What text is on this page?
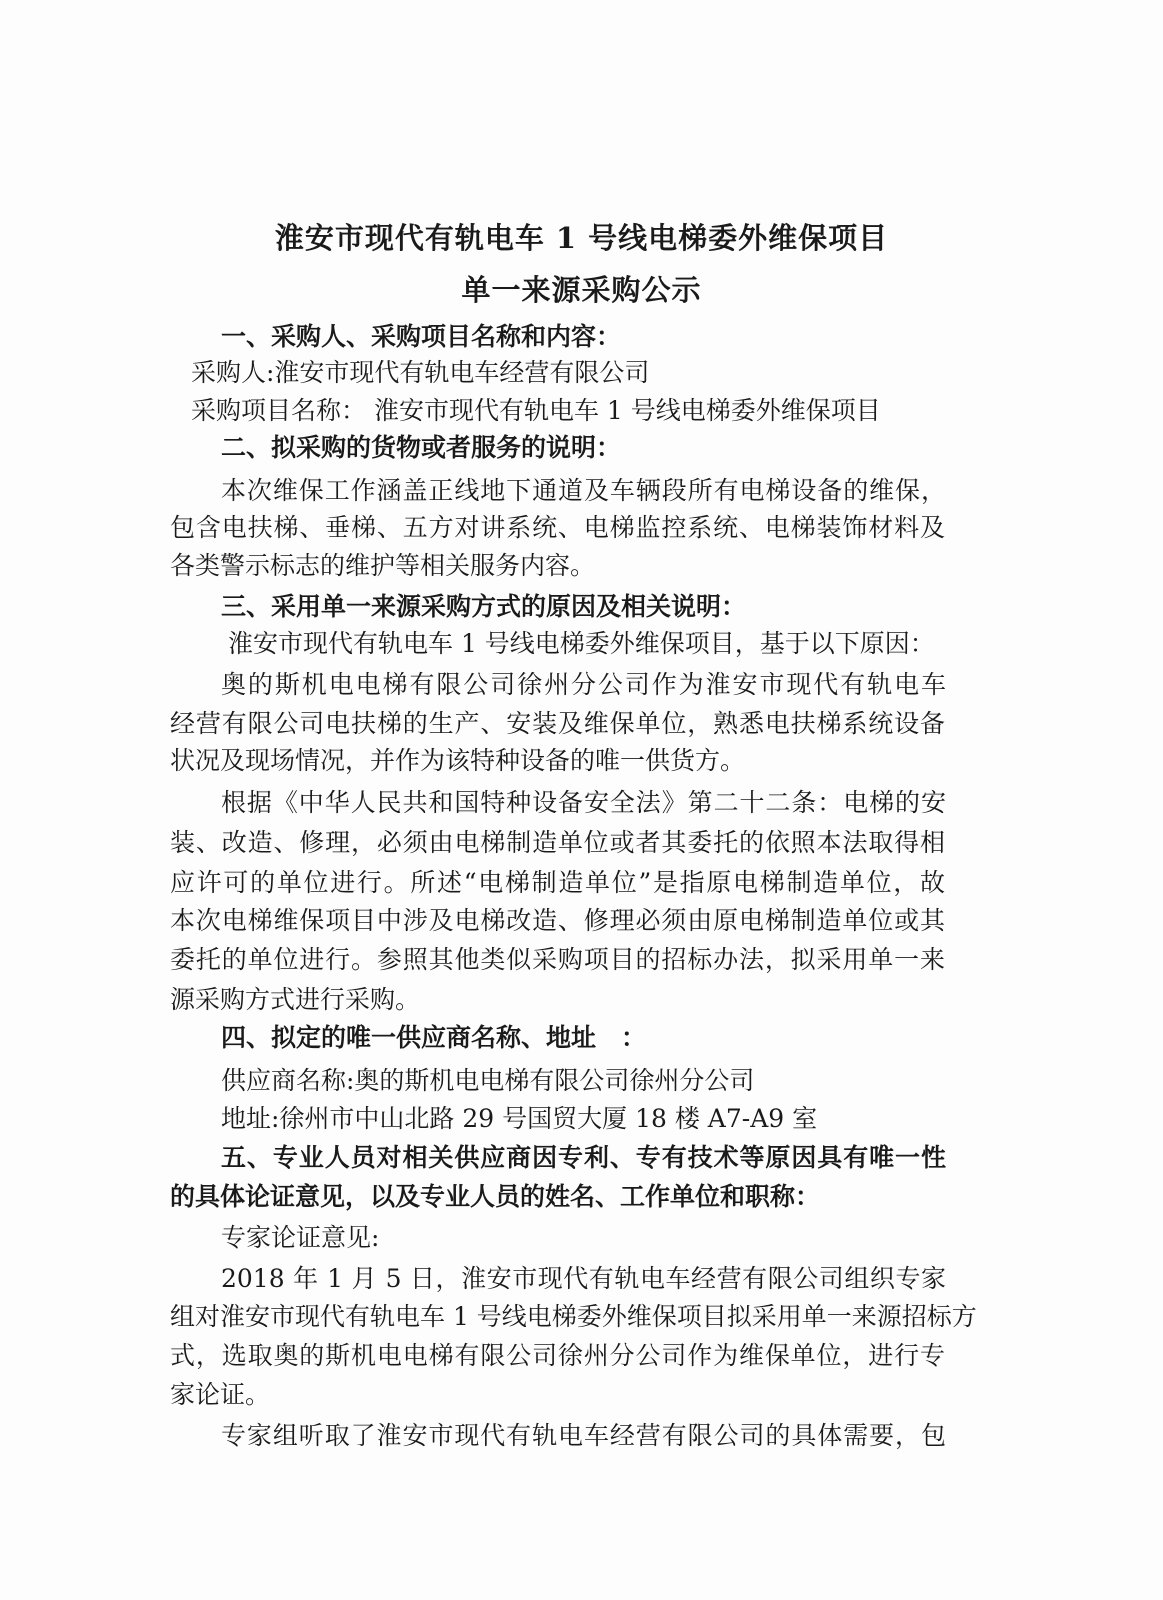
淮安市现代有轨电车 1 号线电梯委外维保项目
单一来源采购公示
一、采购人、采购项目名称和内容：
采购人:淮安市现代有轨电车经营有限公司
采购项目名称： 淮安市现代有轨电车 1 号线电梯委外维保项目
二、拟采购的货物或者服务的说明：
本次维保工作涵盖正线地下通道及车辆段所有电梯设备的维保，
包含电扶梯、垂梯、五方对讲系统、电梯监控系统、电梯装饰材料及
各类警示标志的维护等相关服务内容。
三、采用单一来源采购方式的原因及相关说明：
淮安市现代有轨电车 1 号线电梯委外维保项目，基于以下原因：
奥的斯机电电梯有限公司徐州分公司作为淮安市现代有轨电车
经营有限公司电扶梯的生产、安装及维保单位，熟悉电扶梯系统设备
状况及现场情况，并作为该特种设备的唯一供货方。
根据《中华人民共和国特种设备安全法》第二十二条：电梯的安
装、改造、修理，必须由电梯制造单位或者其委托的依照本法取得相
应许可的单位进行。所述“电梯制造单位”是指原电梯制造单位，故
本次电梯维保项目中涉及电梯改造、修理必须由原电梯制造单位或其
委托的单位进行。参照其他类似采购项目的招标办法，拟采用单一来
源采购方式进行采购。
四、拟定的唯一供应商名称、地址　：
供应商名称:奥的斯机电电梯有限公司徐州分公司
地址:徐州市中山北路 29 号国贸大厦 18 楼 A7-A9 室
五、专业人员对相关供应商因专利、专有技术等原因具有唯一性
的具体论证意见，以及专业人员的姓名、工作单位和职称：
专家论证意见:
2018 年 1 月 5 日，淮安市现代有轨电车经营有限公司组织专家
组对淮安市现代有轨电车 1 号线电梯委外维保项目拟采用单一来源招标方
式，选取奥的斯机电电梯有限公司徐州分公司作为维保单位，进行专
家论证。
专家组听取了淮安市现代有轨电车经营有限公司的具体需要，包
